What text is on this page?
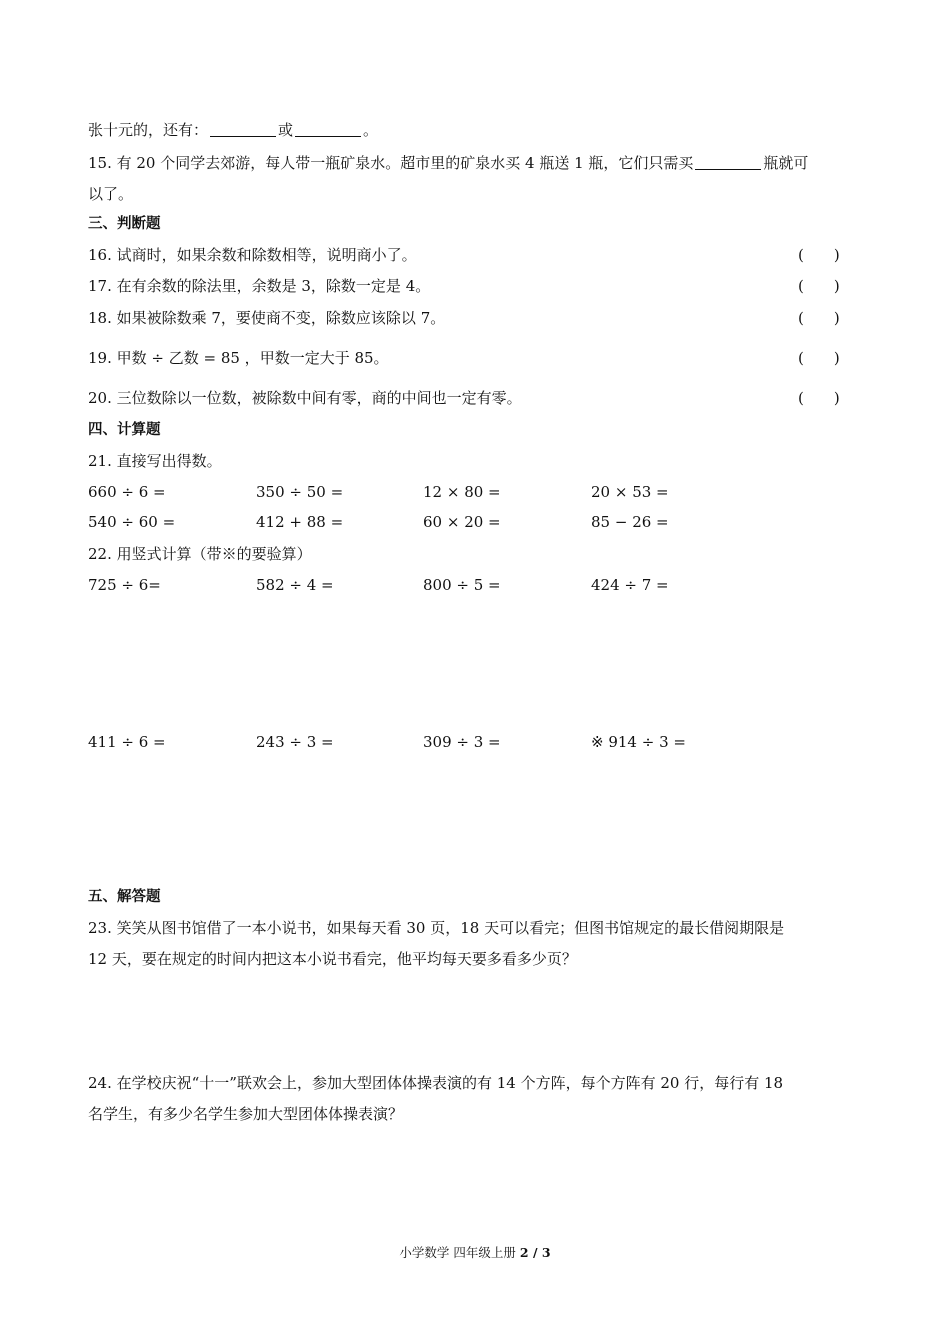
张十元的，还有：	或	。
15. 有 20 个同学去郊游，每人带一瓶矿泉水。超市里的矿泉水买 4 瓶送 1 瓶，它们只需买	瓶就可
以了。
三、判断题
16. 试商时，如果余数和除数相等，说明商小了。	( )
17. 在有余数的除法里，余数是 3，除数一定是 4。	( )
18. 如果被除数乘 7，要使商不变，除数应该除以 7。	( )
19. 甲数 ÷ 乙数 = 85 ，甲数一定大于 85。	( )
20. 三位数除以一位数，被除数中间有零，商的中间也一定有零。	( )
四、计算题
21. 直接写出得数。
660 ÷ 6 =	350 ÷ 50 =	12 × 80 =	20 × 53 =
540 ÷ 60 =	412 + 88 =	60 × 20 =	85 − 26 =
22. 用竖式计算（带※的要验算）
725 ÷ 6=	582 ÷ 4 =	800 ÷ 5 =	424 ÷ 7 =
411 ÷ 6 =	243 ÷ 3 =	309 ÷ 3 =	※ 914 ÷ 3 =
五、解答题
23. 笑笑从图书馆借了一本小说书，如果每天看 30 页，18 天可以看完；但图书馆规定的最长借阅期限是
12 天，要在规定的时间内把这本小说书看完，他平均每天要多看多少页？
24. 在学校庆祝“十一”联欢会上，参加大型团体体操表演的有 14 个方阵，每个方阵有 20 行，每行有 18
名学生，有多少名学生参加大型团体体操表演？
小学数学 四年级上册 2 / 3
